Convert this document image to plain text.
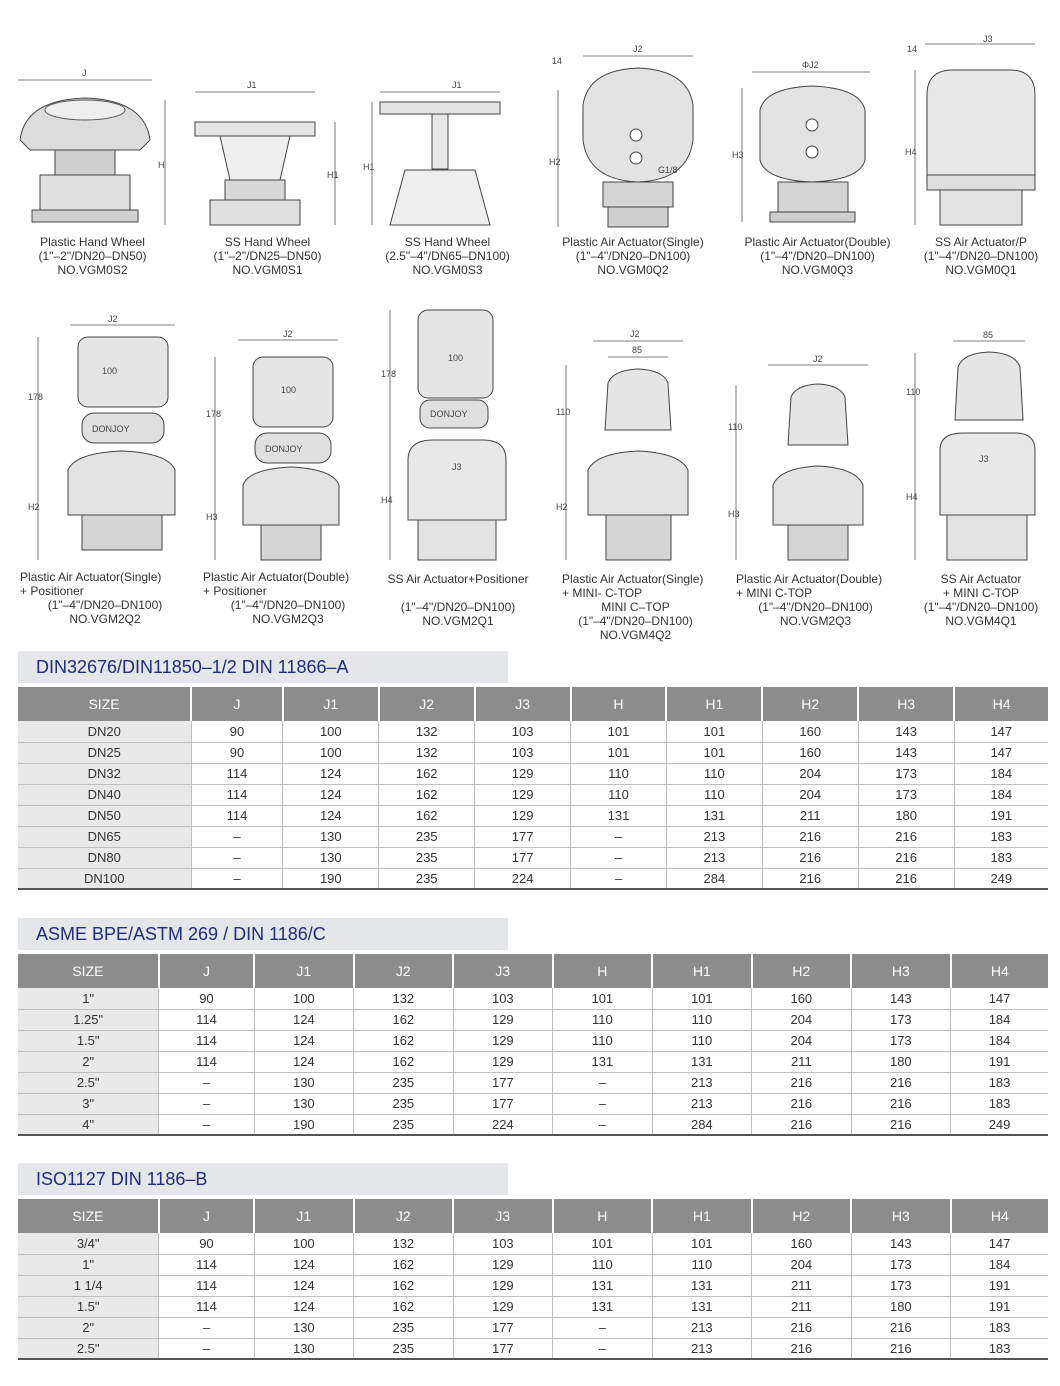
J
H
Plastic Hand Wheel
(1"–2"/DN20–DN50)
NO.VGM0S2
J1
H1
SS Hand Wheel
(1"–2"/DN25–DN50)
NO.VGM0S1
J1
H1
SS Hand Wheel
(2.5"–4"/DN65–DN100)
NO.VGM0S3
J2
14
G1/8
H2
Plastic Air Actuator(Single)
(1"–4"/DN20–DN100)
NO.VGM0Q2
ΦJ2
H3
Plastic Air Actuator(Double)
(1"–4"/DN20–DN100)
NO.VGM0Q3
J3
14
H4
SS Air Actuator/P
(1"–4"/DN20–DN100)
NO.VGM0Q1
J2
100
DONJOY
178
H2
Plastic Air Actuator(Single)
+ Positioner
(1"–4"/DN20–DN100)
NO.VGM2Q2
J2
100
DONJOY
178
H3
Plastic Air Actuator(Double)
+ Positioner
(1"–4"/DN20–DN100)
NO.VGM2Q3
100
DONJOY
J3
178
H4
SS Air Actuator+Positioner
(1"–4"/DN20–DN100)
NO.VGM2Q1
J2
85
110
H2
Plastic Air Actuator(Single)
+ MINI- C-TOP
MINI C–TOP
(1"–4"/DN20–DN100)
NO.VGM4Q2
J2
110
H3
Plastic Air Actuator(Double)
+ MINI C-TOP
(1"–4"/DN20–DN100)
NO.VGM2Q3
85
J3
110
H4
SS Air Actuator
+ MINI C-TOP
(1"–4"/DN20–DN100)
NO.VGM4Q1
DIN32676/DIN11850–1/2 DIN 11866–A
SIZE	J	J1	J2	J3	H	H1	H2	H3	H4
DN20	90	100	132	103	101	101	160	143	147
DN25	90	100	132	103	101	101	160	143	147
DN32	114	124	162	129	110	110	204	173	184
DN40	114	124	162	129	110	110	204	173	184
DN50	114	124	162	129	131	131	211	180	191
DN65	–	130	235	177	–	213	216	216	183
DN80	–	130	235	177	–	213	216	216	183
DN100	–	190	235	224	–	284	216	216	249
ASME BPE/ASTM 269 / DIN 1186/C
SIZE	J	J1	J2	J3	H	H1	H2	H3	H4
1"	90	100	132	103	101	101	160	143	147
1.25"	114	124	162	129	110	110	204	173	184
1.5"	114	124	162	129	110	110	204	173	184
2"	114	124	162	129	131	131	211	180	191
2.5"	–	130	235	177	–	213	216	216	183
3"	–	130	235	177	–	213	216	216	183
4"	–	190	235	224	–	284	216	216	249
ISO1127 DIN 1186–B
SIZE	J	J1	J2	J3	H	H1	H2	H3	H4
3/4"	90	100	132	103	101	101	160	143	147
1"	114	124	162	129	110	110	204	173	184
1 1/4	114	124	162	129	131	131	211	173	191
1.5"	114	124	162	129	131	131	211	180	191
2"	–	130	235	177	–	213	216	216	183
2.5"	–	130	235	177	–	213	216	216	183
